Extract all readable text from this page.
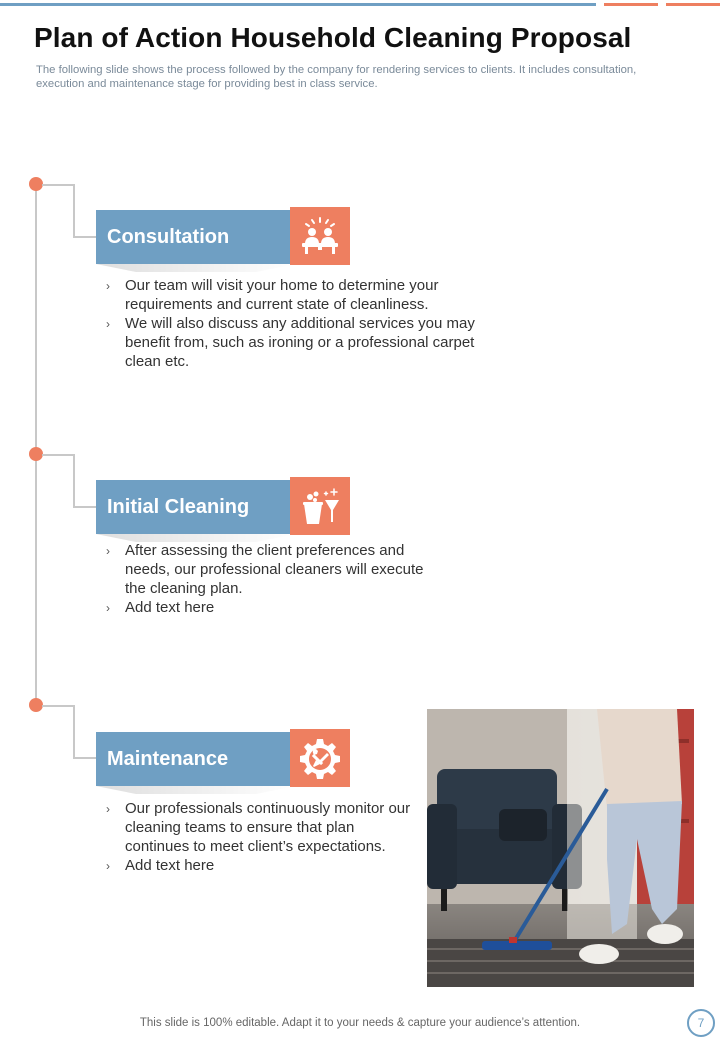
Plan of Action Household Cleaning Proposal

The following slide shows the process followed by the company for rendering services to clients. It includes consultation, execution and maintenance stage for providing best in class service.

Consultation
›	Our team will visit your home to determine your requirements and current state of cleanliness.
›	We will also discuss any additional services you may benefit from, such as ironing or a professional carpet clean etc.
Initial Cleaning
›	After assessing the client preferences and needs, our professional cleaners will execute the cleaning plan.
›	Add text here
Maintenance
›	Our professionals continuously monitor our cleaning teams to ensure that plan continues to meet client’s expectations.
›	Add text here

This slide is 100% editable. Adapt it to your needs & capture your audience’s attention.	7
